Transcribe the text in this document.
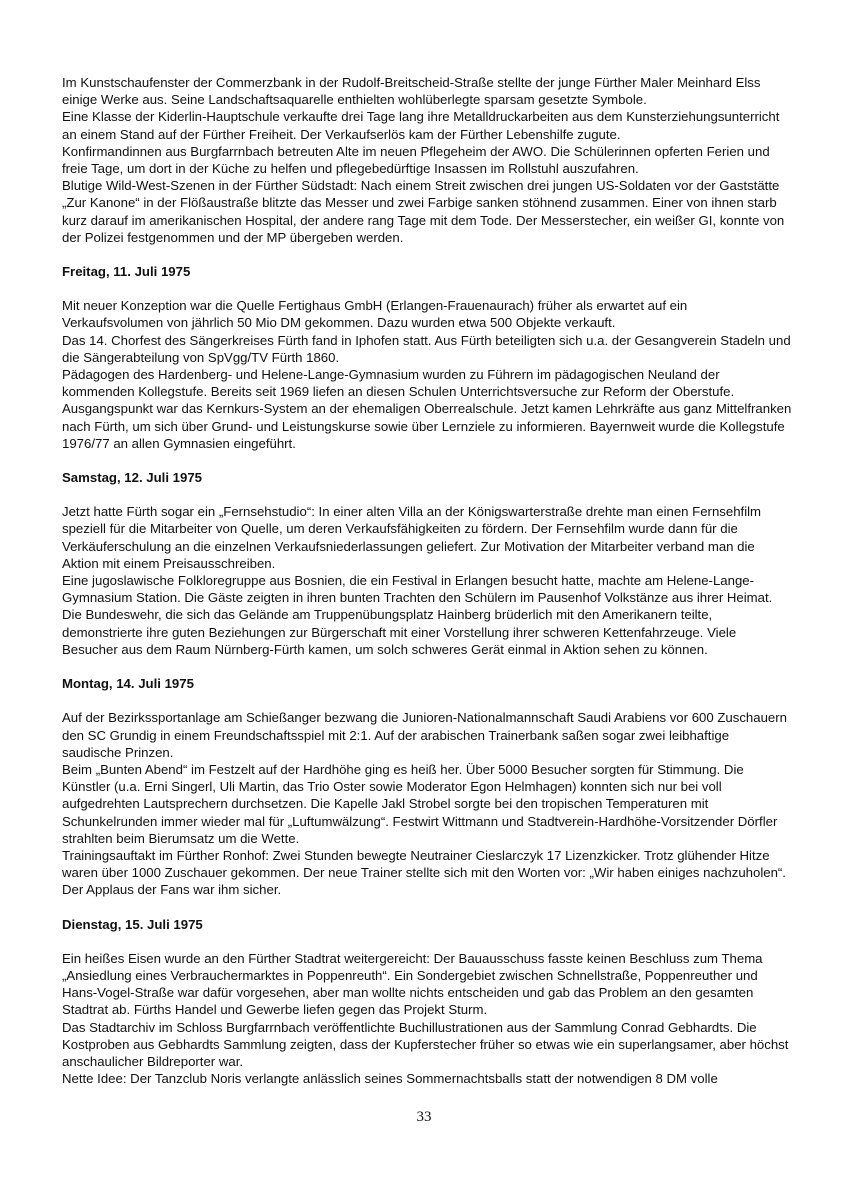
Im Kunstschaufenster der Commerzbank in der Rudolf-Breitscheid-Straße stellte der junge Fürther Maler Meinhard Elss einige Werke aus. Seine Landschaftsaquarelle enthielten wohlüberlegte sparsam gesetzte Symbole.

Eine Klasse der Kiderlin-Hauptschule verkaufte drei Tage lang ihre Metalldruckarbeiten aus dem Kunsterziehungsunterricht an einem Stand auf der Fürther Freiheit. Der Verkaufserlös kam der Fürther Lebenshilfe zugute.

Konfirmandinnen aus Burgfarrnbach betreuten Alte im neuen Pflegeheim der AWO. Die Schülerinnen opferten Ferien und freie Tage, um dort in der Küche zu helfen und pflegebedürftige Insassen im Rollstuhl auszufahren.

Blutige Wild-West-Szenen in der Fürther Südstadt: Nach einem Streit zwischen drei jungen US-Soldaten vor der Gaststätte „Zur Kanone“ in der Flößaustraße blitzte das Messer und zwei Farbige sanken stöhnend zusammen. Einer von ihnen starb kurz darauf im amerikanischen Hospital, der andere rang Tage mit dem Tode. Der Messerstecher, ein weißer GI, konnte von der Polizei festgenommen und der MP übergeben werden.

Freitag, 11. Juli 1975

Mit neuer Konzeption war die Quelle Fertighaus GmbH (Erlangen-Frauenaurach) früher als erwartet auf ein Verkaufsvolumen von jährlich 50 Mio DM gekommen. Dazu wurden etwa 500 Objekte verkauft.

Das 14. Chorfest des Sängerkreises Fürth fand in Iphofen statt. Aus Fürth beteiligten sich u.a. der Gesangverein Stadeln und die Sängerabteilung von SpVgg/TV Fürth 1860.

Pädagogen des Hardenberg- und Helene-Lange-Gymnasium wurden zu Führern im pädagogischen Neuland der kommenden Kollegstufe. Bereits seit 1969 liefen an diesen Schulen Unterrichtsversuche zur Reform der Oberstufe. Ausgangspunkt war das Kernkurs-System an der ehemaligen Oberrealschule. Jetzt kamen Lehrkräfte aus ganz Mittelfranken nach Fürth, um sich über Grund- und Leistungskurse sowie über Lernziele zu informieren. Bayernweit wurde die Kollegstufe 1976/77 an allen Gymnasien eingeführt.

Samstag, 12. Juli 1975

Jetzt hatte Fürth sogar ein „Fernsehstudio“: In einer alten Villa an der Königswarterstraße drehte man einen Fernsehfilm speziell für die Mitarbeiter von Quelle, um deren Verkaufsfähigkeiten zu fördern. Der Fernsehfilm wurde dann für die Verkäuferschulung an die einzelnen Verkaufsniederlassungen geliefert. Zur Motivation der Mitarbeiter verband man die Aktion mit einem Preisausschreiben.

Eine jugoslawische Folkloregruppe aus Bosnien, die ein Festival in Erlangen besucht hatte, machte am Helene-Lange-Gymnasium Station. Die Gäste zeigten in ihren bunten Trachten den Schülern im Pausenhof Volkstänze aus ihrer Heimat.

Die Bundeswehr, die sich das Gelände am Truppenübungsplatz Hainberg brüderlich mit den Amerikanern teilte, demonstrierte ihre guten Beziehungen zur Bürgerschaft mit einer Vorstellung ihrer schweren Kettenfahrzeuge. Viele Besucher aus dem Raum Nürnberg-Fürth kamen, um solch schweres Gerät einmal in Aktion sehen zu können.

Montag, 14. Juli 1975

Auf der Bezirkssportanlage am Schießanger bezwang die Junioren-Nationalmannschaft Saudi Arabiens vor 600 Zuschauern den SC Grundig in einem Freundschaftsspiel mit 2:1. Auf der arabischen Trainerbank saßen sogar zwei leibhaftige saudische Prinzen.

Beim „Bunten Abend“ im Festzelt auf der Hardhöhe ging es heiß her. Über 5000 Besucher sorgten für Stimmung. Die Künstler (u.a. Erni Singerl, Uli Martin, das Trio Oster sowie Moderator Egon Helmhagen) konnten sich nur bei voll aufgedrehten Lautsprechern durchsetzen. Die Kapelle Jakl Strobel sorgte bei den tropischen Temperaturen mit Schunkelrunden immer wieder mal für „Luftumwälzung“. Festwirt Wittmann und Stadtverein-Hardhöhe-Vorsitzender Dörfler strahlten beim Bierumsatz um die Wette.

Trainingsauftakt im Fürther Ronhof: Zwei Stunden bewegte Neutrainer Cieslarczyk 17 Lizenzkicker. Trotz glühender Hitze waren über 1000 Zuschauer gekommen. Der neue Trainer stellte sich mit den Worten vor: „Wir haben einiges nachzuholen“. Der Applaus der Fans war ihm sicher.

Dienstag, 15. Juli 1975

Ein heißes Eisen wurde an den Fürther Stadtrat weitergereicht: Der Bauausschuss fasste keinen Beschluss zum Thema „Ansiedlung eines Verbrauchermarktes in Poppenreuth“. Ein Sondergebiet zwischen Schnellstraße, Poppenreuther und Hans-Vogel-Straße war dafür vorgesehen, aber man wollte nichts entscheiden und gab das Problem an den gesamten Stadtrat ab. Fürths Handel und Gewerbe liefen gegen das Projekt Sturm.

Das Stadtarchiv im Schloss Burgfarrnbach veröffentlichte Buchillustrationen aus der Sammlung Conrad Gebhardts. Die Kostproben aus Gebhardts Sammlung zeigten, dass der Kupferstecher früher so etwas wie ein superlangsamer, aber höchst anschaulicher Bildreporter war.

Nette Idee: Der Tanzclub Noris verlangte anlässlich seines Sommernachtsballs statt der notwendigen 8 DM volle

33
